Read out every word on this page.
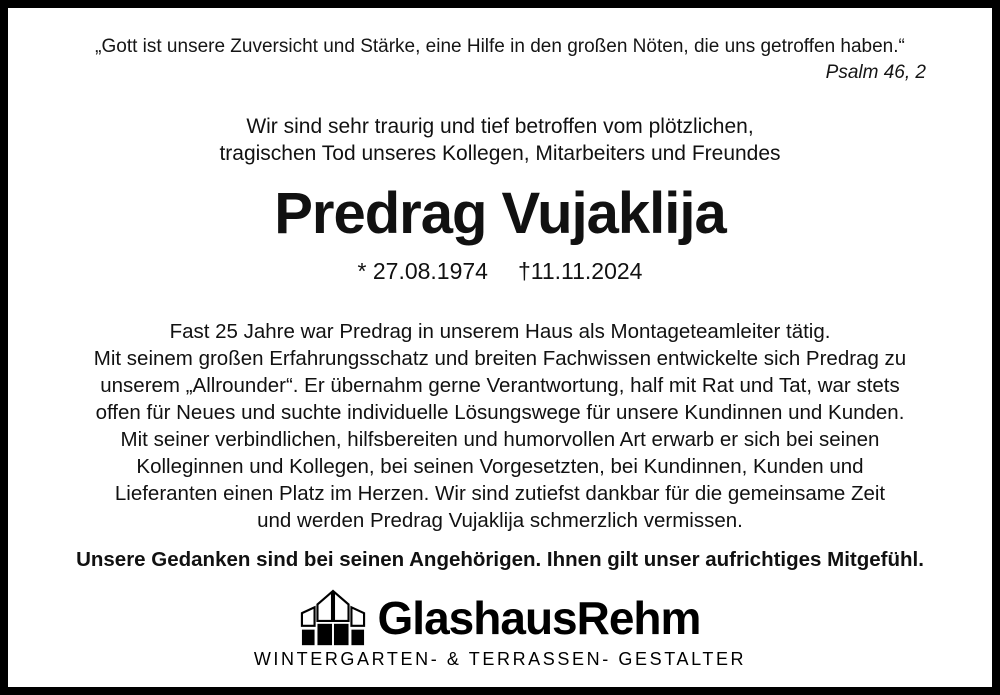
„Gott ist unsere Zuversicht und Stärke, eine Hilfe in den großen Nöten, die uns getroffen haben.“
Psalm 46, 2
Wir sind sehr traurig und tief betroffen vom plötzlichen,
tragischen Tod unseres Kollegen, Mitarbeiters und Freundes
Predrag Vujaklija
* 27.08.1974 †11.11.2024
Fast 25 Jahre war Predrag in unserem Haus als Montageteamleiter tätig.
Mit seinem großen Erfahrungsschatz und breiten Fachwissen entwickelte sich Predrag zu
unserem „Allrounder“. Er übernahm gerne Verantwortung, half mit Rat und Tat, war stets
offen für Neues und suchte individuelle Lösungswege für unsere Kundinnen und Kunden.
Mit seiner verbindlichen, hilfsbereiten und humorvollen Art erwarb er sich bei seinen
Kolleginnen und Kollegen, bei seinen Vorgesetzten, bei Kundinnen, Kunden und
Lieferanten einen Platz im Herzen. Wir sind zutiefst dankbar für die gemeinsame Zeit
und werden Predrag Vujaklija schmerzlich vermissen.
Unsere Gedanken sind bei seinen Angehörigen. Ihnen gilt unser aufrichtiges Mitgefühl.
GlashausRehm
WINTERGARTEN- & TERRASSEN- GESTALTER
